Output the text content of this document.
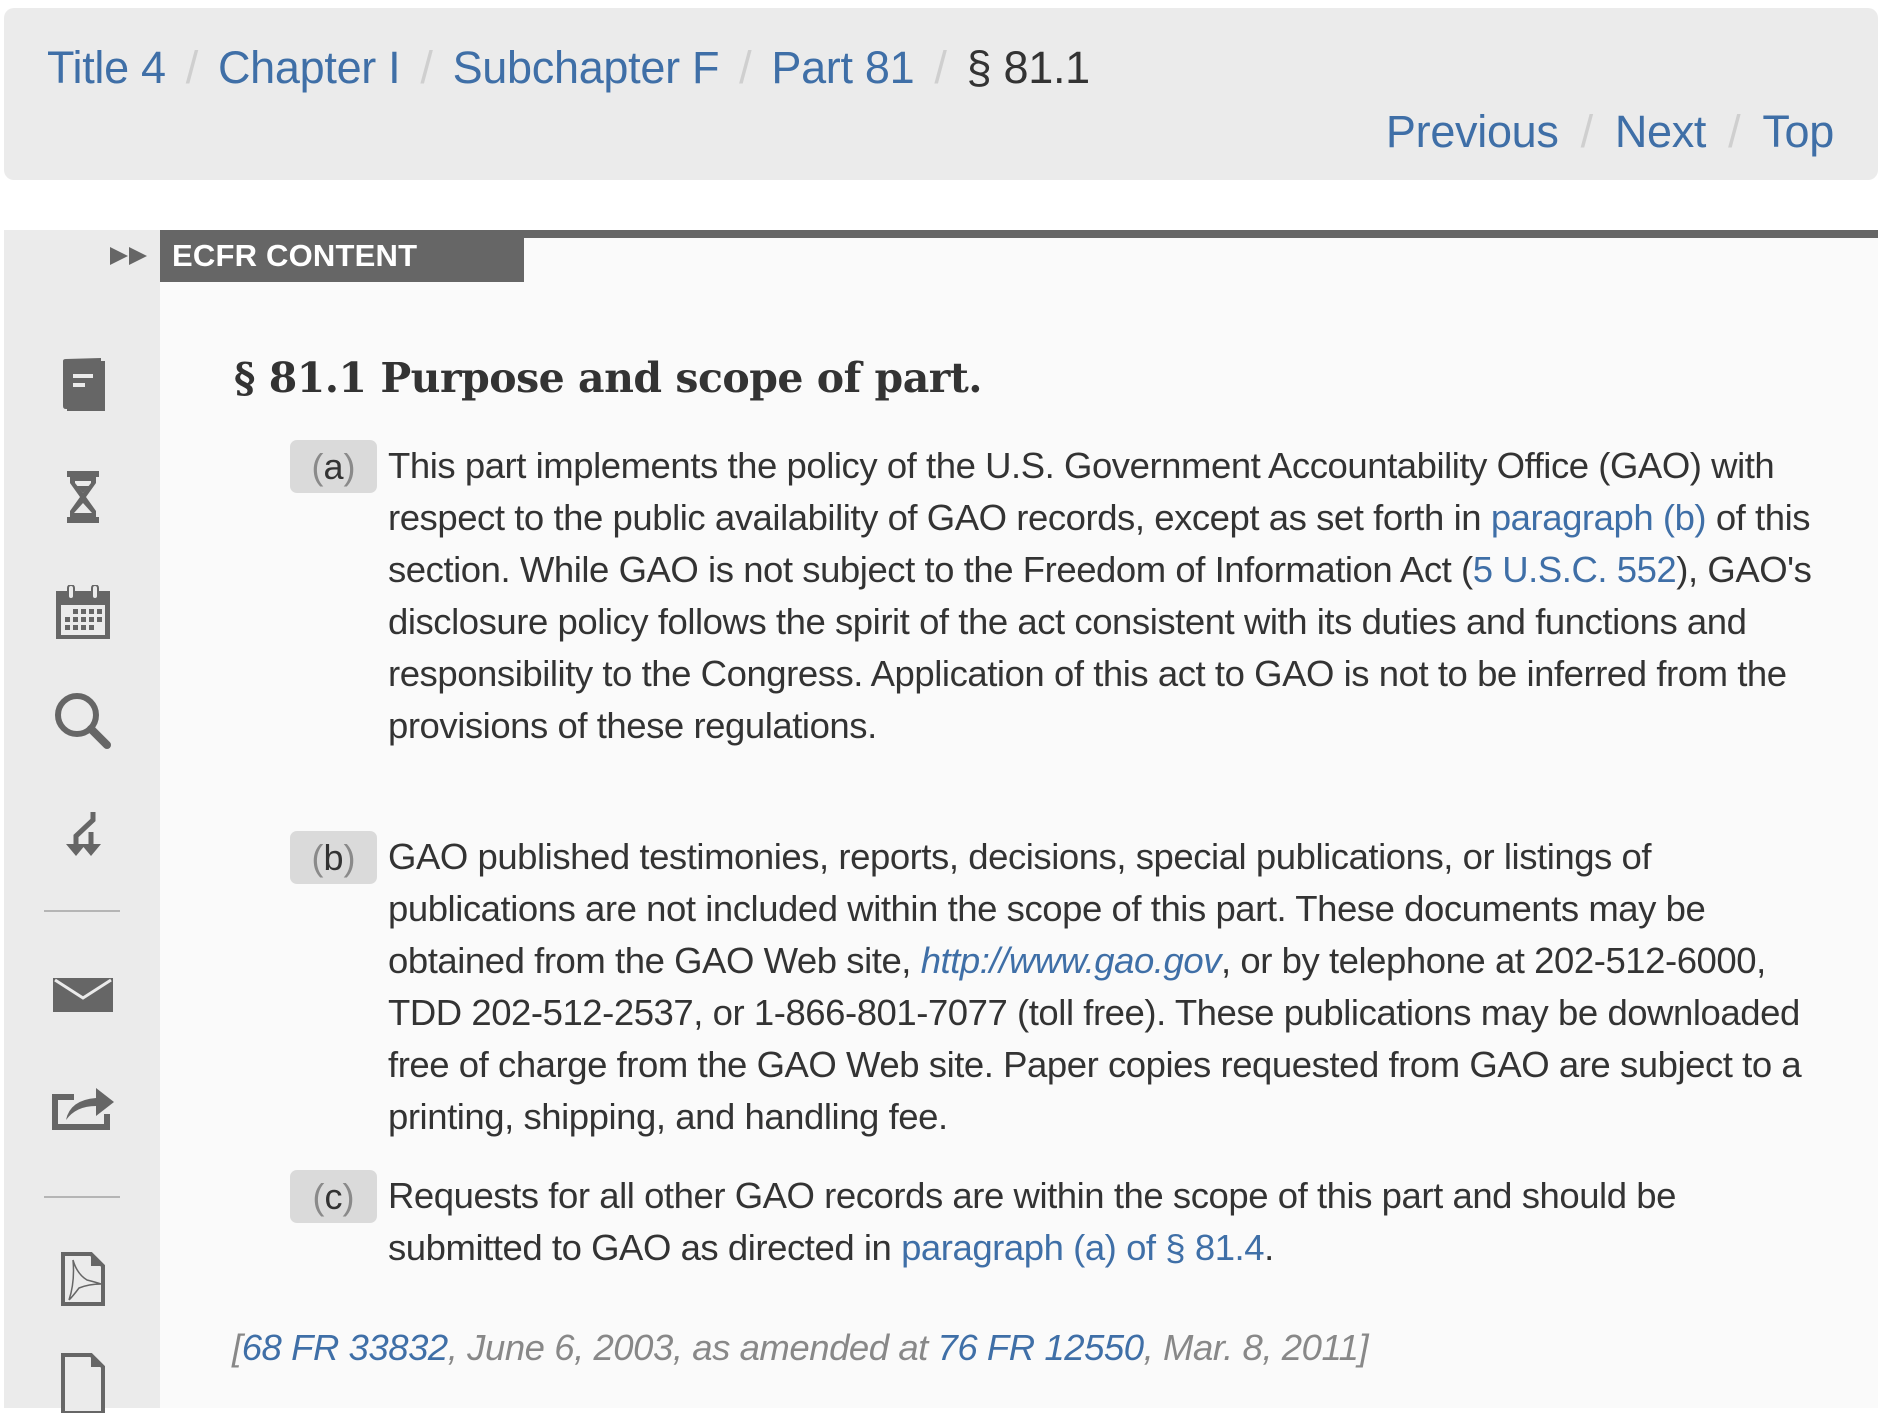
Title 4 / Chapter I / Subchapter F / Part 81 / § 81.1
Previous / Next / Top
ECFR CONTENT
§ 81.1 Purpose and scope of part.
(a) This part implements the policy of the U.S. Government Accountability Office (GAO) with respect to the public availability of GAO records, except as set forth in paragraph (b) of this section. While GAO is not subject to the Freedom of Information Act (5 U.S.C. 552), GAO's disclosure policy follows the spirit of the act consistent with its duties and functions and responsibility to the Congress. Application of this act to GAO is not to be inferred from the provisions of these regulations.
(b) GAO published testimonies, reports, decisions, special publications, or listings of publications are not included within the scope of this part. These documents may be obtained from the GAO Web site, http://www.gao.gov, or by telephone at 202-512-6000, TDD 202-512-2537, or 1-866-801-7077 (toll free). These publications may be downloaded free of charge from the GAO Web site. Paper copies requested from GAO are subject to a printing, shipping, and handling fee.
(c) Requests for all other GAO records are within the scope of this part and should be submitted to GAO as directed in paragraph (a) of § 81.4.
[68 FR 33832, June 6, 2003, as amended at 76 FR 12550, Mar. 8, 2011]
